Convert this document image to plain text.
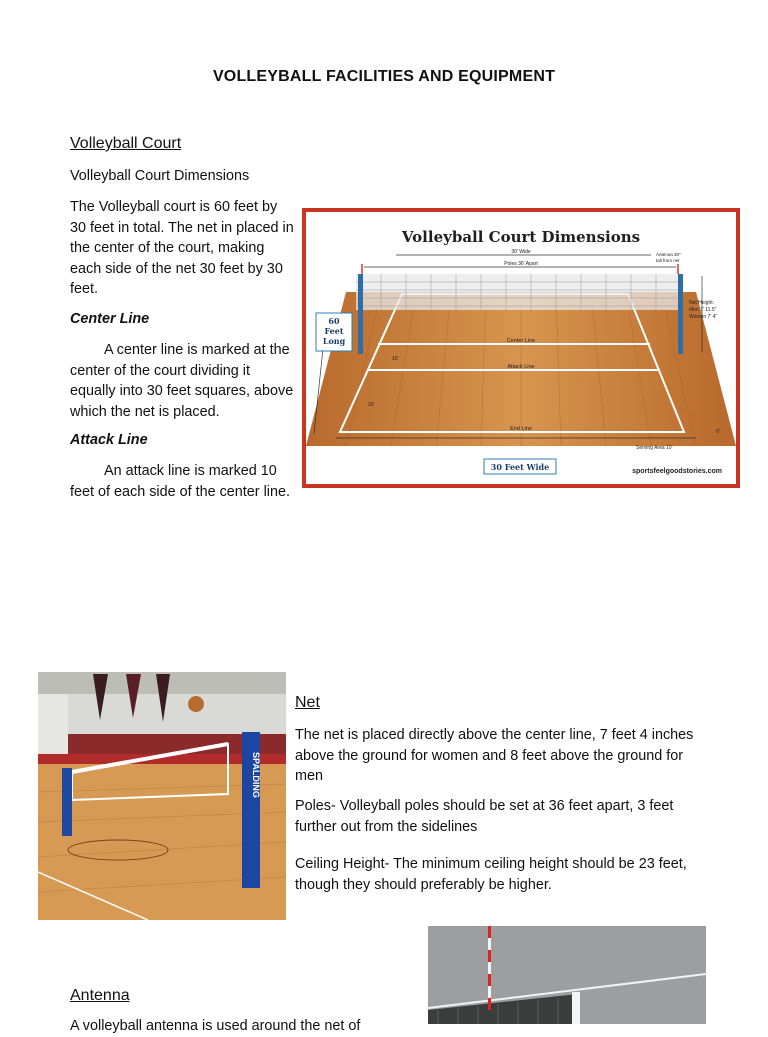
VOLLEYBALL FACILITIES AND EQUIPMENT
Volleyball Court
Volleyball Court Dimensions
The Volleyball court is 60 feet by 30 feet in total. The net in placed in the center of the court, making each side of the net 30 feet by 30 feet.
Center Line
A center line is marked at the center of the court dividing it equally into 30 feet squares, above which the net is placed.
Attack Line
An attack line is marked 10 feet of each side of the center line.
Volleyball Court Dimensions
30' Wide
Poles 36' Apart
Antenna 30"
tall from net
Net Height:
Men 7' 11.5"
Women 7' 4"
60
Feet
Long	Center Line
Attack Line
End Line
10'
20'
Serving Area 10'
6'
30 Feet Wide	sportsfeelgoodstories.com
SPALDING
Net
The net is placed directly above the center line, 7 feet 4 inches above the ground for women and 8 feet above the ground for men
Poles- Volleyball poles should be set at 36 feet apart, 3 feet further out from the sidelines
Ceiling Height- The minimum ceiling height should be 23 feet, though they should preferably be higher.
Antenna
A volleyball antenna is used around the net of
